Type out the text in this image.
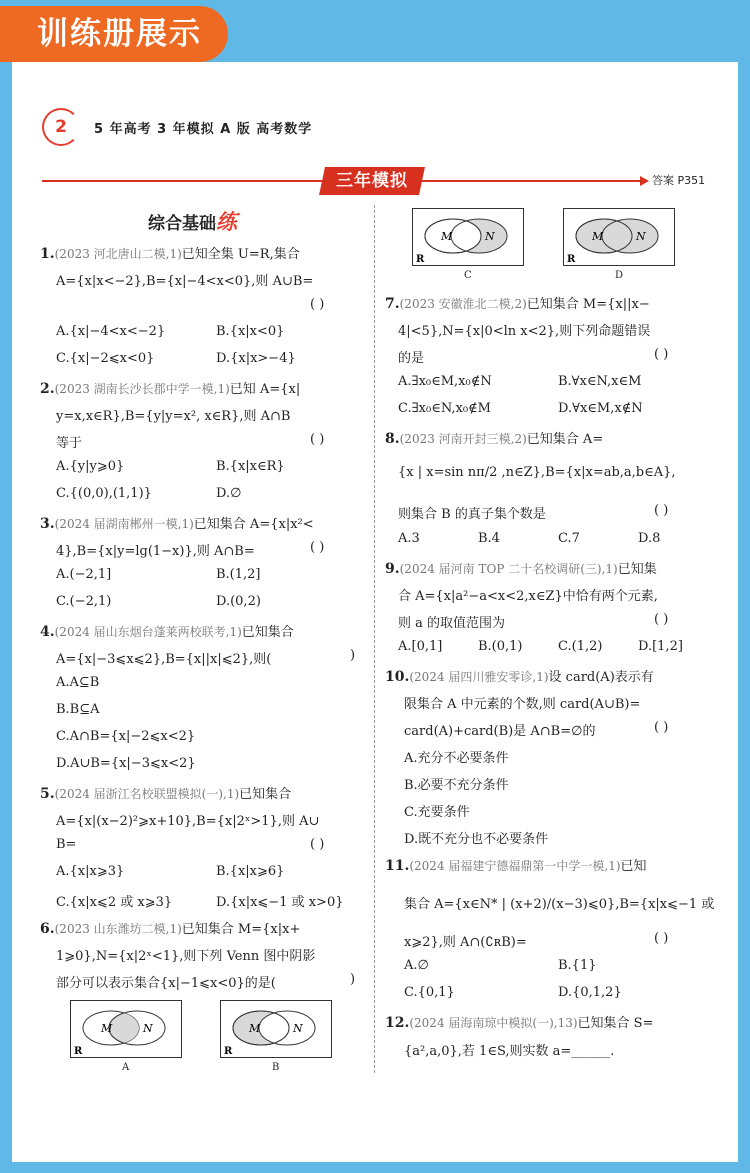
训练册展示
2	5 年高考 3 年模拟 A 版 高考数学
三年模拟	答案 P351
综合基础练
1.(2023 河北唐山二模,1)已知全集 U=R,集合
A={x|x<−2},B={x|−4<x<0},则 A∪B=
( )
A.{x|−4<x<−2}	B.{x|x<0}
C.{x|−2⩽x<0}	D.{x|x>−4}
2.(2023 湖南长沙长郡中学一模,1)已知 A={x|
y=x,x∈R},B={y|y=x², x∈R},则 A∩B
等于	( )
A.{y|y⩾0}	B.{x|x∈R}
C.{(0,0),(1,1)}	D.∅
3.(2024 届湖南郴州一模,1)已知集合 A={x|x²<
4},B={x|y=lg(1−x)},则 A∩B=	( )
A.(−2,1]	B.(1,2]
C.(−2,1)	D.(0,2)
4.(2024 届山东烟台蓬莱两校联考,1)已知集合
A={x|−3⩽x⩽2},B={x||x|⩽2},则(	)
A.A⊆B
B.B⊆A
C.A∩B={x|−2⩽x<2}
D.A∪B={x|−3⩽x<2}
5.(2024 届浙江名校联盟模拟(一),1)已知集合
A={x|(x−2)²⩾x+10},B={x|2ˣ>1},则 A∪
B=	( )
A.{x|x⩾3}	B.{x|x⩾6}
C.{x|x⩽2 或 x⩾3}	D.{x|x⩽−1 或 x>0}
6.(2023 山东潍坊二模,1)已知集合 M={x|x+
1⩾0},N={x|2ˣ<1},则下列 Venn 图中阴影
部分可以表示集合{x|−1⩽x<0}的是(	)
M	N
R
A
M	N
R
B
M	N
R
C
M	N
R
D
7.(2023 安徽淮北二模,2)已知集合 M={x||x−
4|<5},N={x|0<ln x<2},则下列命题错误
的是	( )
A.∃x₀∈M,x₀∉N	B.∀x∈N,x∈M
C.∃x₀∈N,x₀∉M	D.∀x∈M,x∉N
8.(2023 河南开封三模,2)已知集合 A=
{x | x=sin nπ/2 ,n∈Z},B={x|x=ab,a,b∈A},
则集合 B 的真子集个数是	( )
A.3	B.4	C.7	D.8
9.(2024 届河南 TOP 二十名校调研(三),1)已知集
合 A={x|a²−a<x<2,x∈Z}中恰有两个元素,
则 a 的取值范围为	( )
A.[0,1]	B.(0,1)	C.(1,2)	D.[1,2]
10.(2024 届四川雅安零诊,1)设 card(A)表示有
限集合 A 中元素的个数,则 card(A∪B)=
card(A)+card(B)是 A∩B=∅的	( )
A.充分不必要条件
B.必要不充分条件
C.充要条件
D.既不充分也不必要条件
11.(2024 届福建宁德福鼎第一中学一模,1)已知
集合 A={x∈N* | (x+2)/(x−3)⩽0},B={x|x⩽−1 或
x⩾2},则 A∩(∁ʀB)=	( )
A.∅	B.{1}
C.{0,1}	D.{0,1,2}
12.(2024 届海南琼中模拟(一),13)已知集合 S=
{a²,a,0},若 1∈S,则实数 a=______.
